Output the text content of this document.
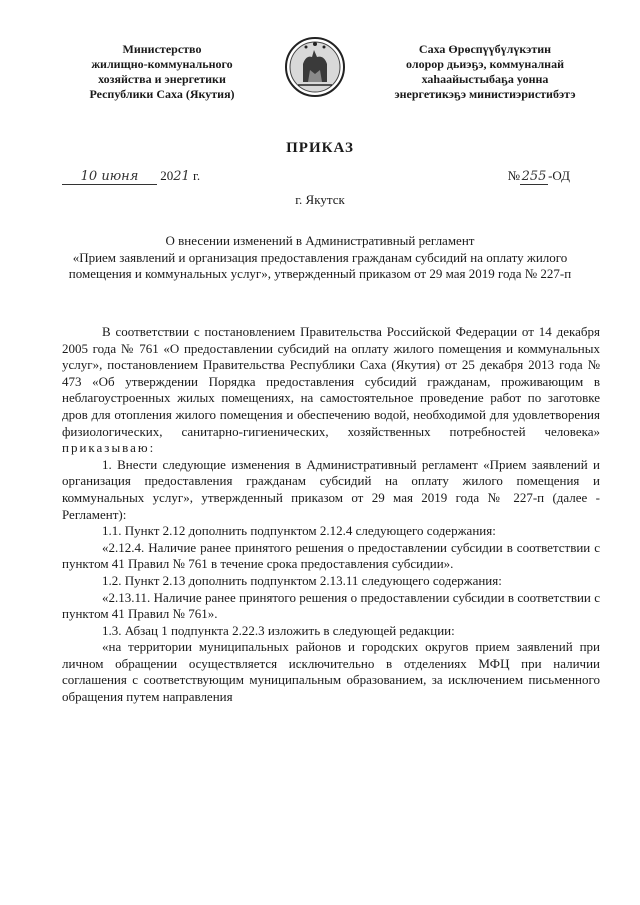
Министерство
жилищно-коммунального
хозяйства и энергетики
Республики Саха (Якутия)
Саха Өрөспүүбүлүкэтин
олорор дьиэҕэ, коммуналнай
хаһаайыстыбаҕа уонна
энергетикэҕэ министиэристибэтэ
ПРИКАЗ
10 июня 2021 г.	№ 255 -ОД
г. Якутск
О внесении изменений в Административный регламент
«Прием заявлений и организация предоставления гражданам субсидий на оплату жилого помещения и коммунальных услуг», утвержденный приказом от 29 мая 2019 года № 227-п

В соответствии с постановлением Правительства Российской Федерации от 14 декабря 2005 года № 761 «О предоставлении субсидий на оплату жилого помещения и коммунальных услуг», постановлением Правительства Республики Саха (Якутия) от 25 декабря 2013 года № 473 «Об утверждении Порядка предоставления субсидий гражданам, проживающим в неблагоустроенных жилых помещениях, на самостоятельное проведение работ по заготовке дров для отопления жилого помещения и обеспечению водой, необходимой для удовлетворения физиологических, санитарно-гигиенических, хозяйственных потребностей человека» приказываю:

1. Внести следующие изменения в Административный регламент «Прием заявлений и организация предоставления гражданам субсидий на оплату жилого помещения и коммунальных услуг», утвержденный приказом от 29 мая 2019 года № 227-п (далее - Регламент):

1.1. Пункт 2.12 дополнить подпунктом 2.12.4 следующего содержания:

«2.12.4. Наличие ранее принятого решения о предоставлении субсидии в соответствии с пунктом 41 Правил № 761 в течение срока предоставления субсидии».

1.2. Пункт 2.13 дополнить подпунктом 2.13.11 следующего содержания:

«2.13.11. Наличие ранее принятого решения о предоставлении субсидии в соответствии с пунктом 41 Правил № 761».

1.3. Абзац 1 подпункта 2.22.3 изложить в следующей редакции:

«на территории муниципальных районов и городских округов прием заявлений при личном обращении осуществляется исключительно в отделениях МФЦ при наличии соглашения с соответствующим муниципальным образованием, за исключением письменного обращения путем направления
